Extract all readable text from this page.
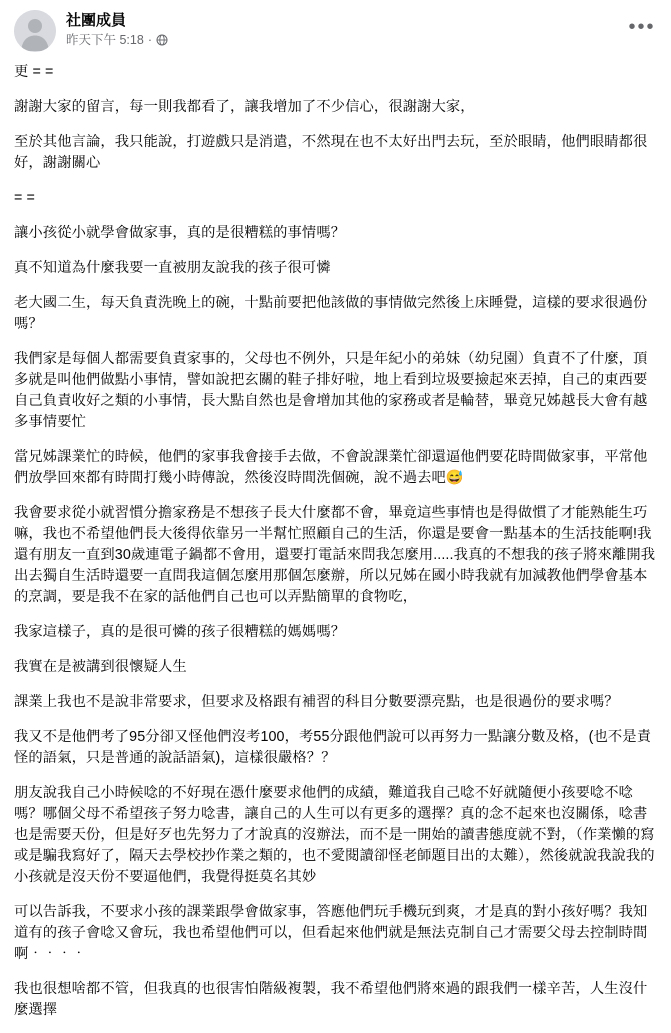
社團成員
昨天下午 5:18 ·
•••

更 = =

謝謝大家的留言，每一則我都看了，讓我增加了不少信心，很謝謝大家，

至於其他言論，我只能說，打遊戲只是消遣，不然現在也不太好出門去玩，至於眼睛，他們眼睛都很好，謝謝關心

= =

讓小孩從小就學會做家事，真的是很糟糕的事情嗎？

真不知道為什麼我要一直被朋友說我的孩子很可憐

老大國二生，每天負責洗晚上的碗，十點前要把他該做的事情做完然後上床睡覺，這樣的要求很過份嗎？

我們家是每個人都需要負責家事的，父母也不例外，只是年紀小的弟妹（幼兒園）負責不了什麼，頂多就是叫他們做點小事情，譬如說把玄關的鞋子排好啦，地上看到垃圾要撿起來丟掉，自己的東西要自己負責收好之類的小事情，長大點自然也是會增加其他的家務或者是輪替，畢竟兄姊越長大會有越多事情要忙

當兄姊課業忙的時候，他們的家事我會接手去做，不會說課業忙卻還逼他們要花時間做家事，平常他們放學回來都有時間打幾小時傳說，然後沒時間洗個碗，說不過去吧😅

我會要求從小就習慣分擔家務是不想孩子長大什麼都不會，畢竟這些事情也是得做慣了才能熟能生巧嘛，我也不希望他們長大後得依靠另一半幫忙照顧自己的生活，你還是要會一點基本的生活技能啊!我還有朋友一直到30歲連電子鍋都不會用，還要打電話來問我怎麼用.....我真的不想我的孩子將來離開我出去獨自生活時還要一直問我這個怎麼用那個怎麼辦，所以兄姊在國小時我就有加減教他們學會基本的烹調，要是我不在家的話他們自己也可以弄點簡單的食物吃，

我家這樣子，真的是很可憐的孩子很糟糕的媽媽嗎？

我實在是被講到很懷疑人生

課業上我也不是說非常要求，但要求及格跟有補習的科目分數要漂亮點，也是很過份的要求嗎？

我又不是他們考了95分卻又怪他們沒考100，考55分跟他們說可以再努力一點讓分數及格，(也不是責怪的語氣，只是普通的說話語氣)，這樣很嚴格？？

朋友說我自己小時候唸的不好現在憑什麼要求他們的成績，難道我自己唸不好就隨便小孩要唸不唸嗎？哪個父母不希望孩子努力唸書，讓自己的人生可以有更多的選擇？真的念不起來也沒關係，唸書也是需要天份，但是好歹也先努力了才說真的沒辦法，而不是一開始的讀書態度就不對，（作業懶的寫或是騙我寫好了，隔天去學校抄作業之類的，也不愛閱讀卻怪老師題目出的太難），然後就說我說我的小孩就是沒天份不要逼他們，我覺得挺莫名其妙

可以告訴我，不要求小孩的課業跟學會做家事，答應他們玩手機玩到爽，才是真的對小孩好嗎？我知道有的孩子會唸又會玩，我也希望他們可以，但看起來他們就是無法克制自己才需要父母去控制時間啊‧‧‧‧

我也很想啥都不管，但我真的也很害怕階級複製，我不希望他們將來過的跟我們一樣辛苦，人生沒什麼選擇
